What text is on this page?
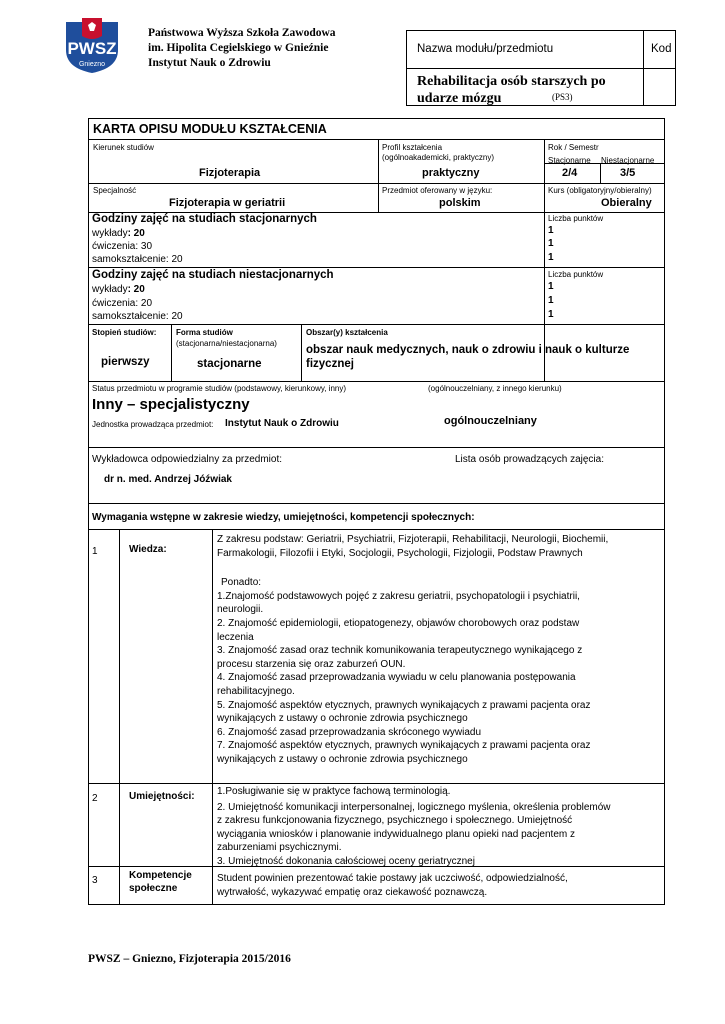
PWSZ
Gniezno
Państwowa Wyższa Szkoła Zawodowa
im. Hipolita Cegielskiego w Gnieźnie
Instytut Nauk o Zdrowiu
Nazwa modułu/przedmiotu	Kod
Rehabilitacja osób starszych po udarze mózgu	(PS3)
KARTA OPISU MODUŁU KSZTAŁCENIA
Kierunek studiów
Fizjoterapia
Profil kształcenia
(ogólnoakademicki, praktyczny)
praktyczny
Rok / Semestr
Stacjonarne Niestacjonarne
2/4	3/5
Specjalność
Fizjoterapia w geriatrii
Przedmiot oferowany w języku:
polskim
Kurs (obligatoryjny/obieralny)
Obieralny
Godziny zajęć na studiach stacjonarnych
wykłady: 20
ćwiczenia: 30
samokształcenie: 20
Liczba punktów
1
1
1
Godziny zajęć na studiach niestacjonarnych
wykłady: 20
ćwiczenia: 20
samokształcenie: 20
Liczba punktów
1
1
1
Stopień studiów:
pierwszy
Forma studiów
(stacjonarna/niestacjonarna)
stacjonarne
Obszar(y) kształcenia
obszar nauk medycznych, nauk o zdrowiu i nauk o kulturze
fizycznej
Status przedmiotu w programie studiów (podstawowy, kierunkowy, inny)	(ogólnouczelniany, z innego kierunku)
Inny – specjalistyczny
ogólnouczelniany
Jednostka prowadząca przedmiot: Instytut Nauk o Zdrowiu
Wykładowca odpowiedzialny za przedmiot:
dr n. med. Andrzej Jóźwiak
Lista osób prowadzących zajęcia:
Wymagania wstępne w zakresie wiedzy, umiejętności, kompetencji społecznych:
1	Wiedza:
Z zakresu podstaw: Geriatrii, Psychiatrii, Fizjoterapii, Rehabilitacji, Neurologii, Biochemii,
Farmakologii, Filozofii i Etyki, Socjologii, Psychologii, Fizjologii, Podstaw Prawnych
Ponadto:
1.Znajomość podstawowych pojęć z zakresu geriatrii, psychopatologii i psychiatrii,
neurologii.
2. Znajomość epidemiologii, etiopatogenezy, objawów chorobowych oraz podstaw
leczenia
3. Znajomość zasad oraz technik komunikowania terapeutycznego wynikającego z
procesu starzenia się oraz zaburzeń OUN.
4. Znajomość zasad przeprowadzania wywiadu w celu planowania postępowania
rehabilitacyjnego.
5. Znajomość aspektów etycznych, prawnych wynikających z prawami pacjenta oraz
wynikających z ustawy o ochronie zdrowia psychicznego
6. Znajomość zasad przeprowadzania skróconego wywiadu
7. Znajomość aspektów etycznych, prawnych wynikających z prawami pacjenta oraz
wynikających z ustawy o ochronie zdrowia psychicznego
2	Umiejętności: 1.Posługiwanie się w praktyce fachową terminologią.
2. Umiejętność komunikacji interpersonalnej, logicznego myślenia, określenia problemów
z zakresu funkcjonowania fizycznego, psychicznego i społecznego. Umiejętność
wyciągania wniosków i planowanie indywidualnego planu opieki nad pacjentem z
zaburzeniami psychicznymi.
3. Umiejętność dokonania całościowej oceny geriatrycznej
3	Kompetencje
społeczne
Student powinien prezentować takie postawy jak uczciwość, odpowiedzialność,
wytrwałość, wykazywać empatię oraz ciekawość poznawczą.
PWSZ – Gniezno, Fizjoterapia 2015/2016
